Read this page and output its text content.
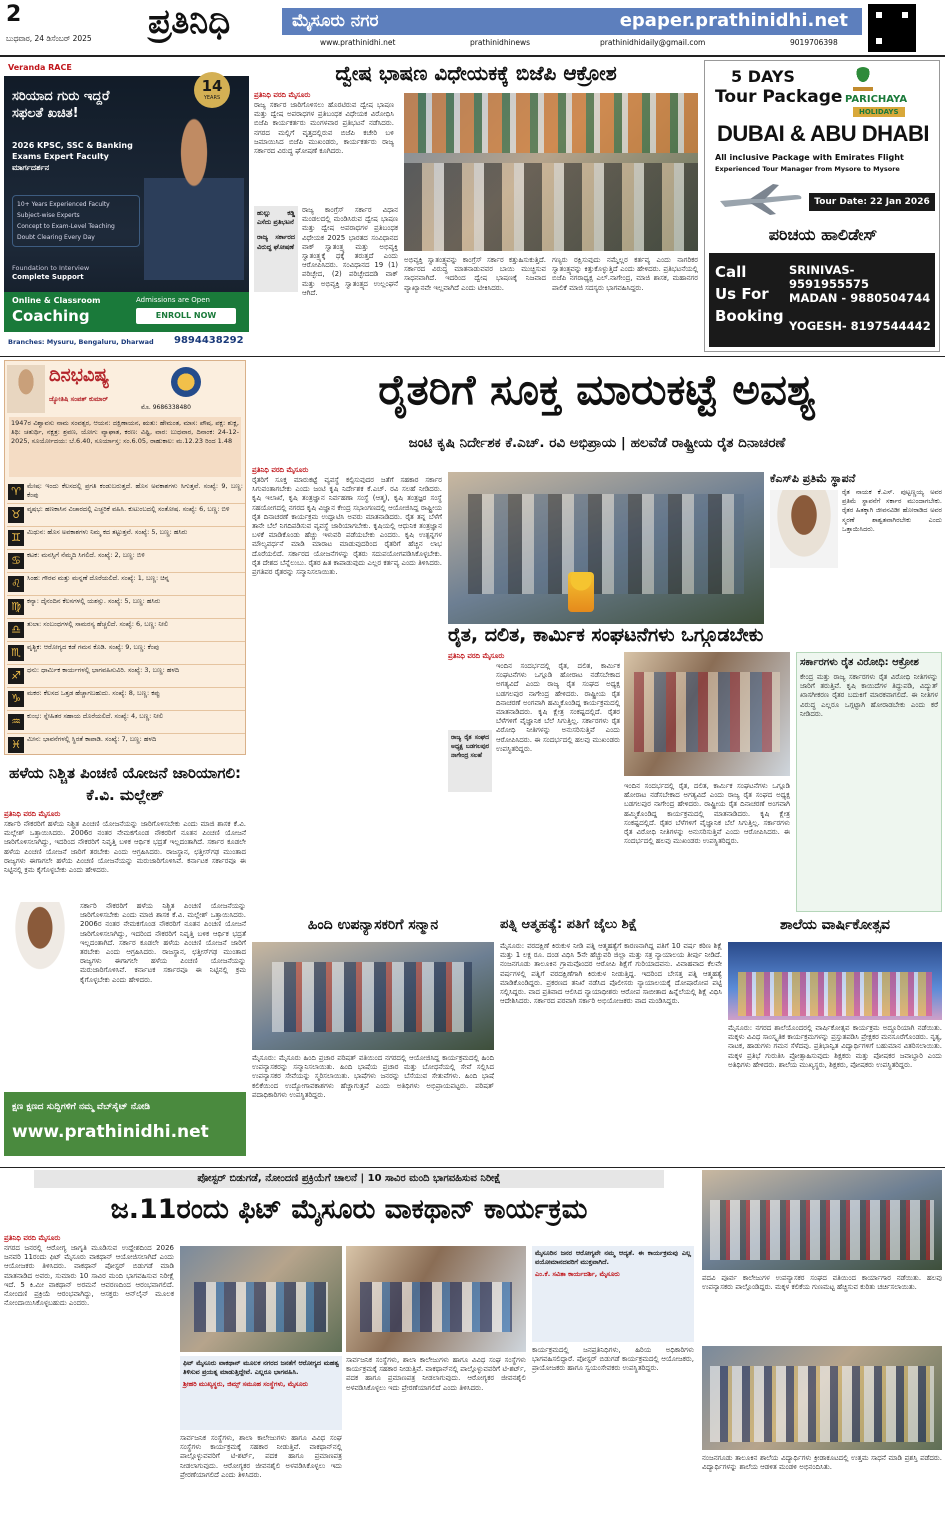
2
ಬುಧವಾರ, 24 ಡಿಸೆಂಬರ್ 2025 ಪ್ರತಿನಿಧಿ	ಮೈಸೂರು ನಗರ	epaper.prathinidhi.net
www.prathinidhi.net	prathinidhinews	prathinidhidaily@gmail.com	9019706398
Veranda RACE
14
YEARS
ಸರಿಯಾದ ಗುರು ಇದ್ದರೆ ಸಫಲತೆ ಖಚಿತ!
2026 KPSC, SSC & Banking Exams Expert Faculty ಮಾರ್ಗದರ್ಶನ
10+ Years Experienced Faculty
Subject-wise Experts
Concept to Exam-Level Teaching
Doubt Clearing Every Day
Foundation to Interview
Complete Support
Online & Classroom
Coaching
Admissions are Open
ENROLL NOW
Branches: Mysuru, Bengaluru, Dharwad 9894438292
ದ್ವೇಷ ಭಾಷಣ ವಿಧೇಯಕಕ್ಕೆ ಬಿಜೆಪಿ ಆಕ್ರೋಶ
ಪ್ರತಿನಿಧಿ ವರದಿ ಮೈಸೂರು
ರಾಜ್ಯ ಸರ್ಕಾರ ಜಾರಿಗೊಳಿಸಲು ಹೊರಟಿರುವ ದ್ವೇಷ ಭಾಷಣ ಮತ್ತು ದ್ವೇಷ ಅಪರಾಧಗಳ ಪ್ರತಿಬಂಧಕ ವಿಧೇಯಕ ವಿರೋಧಿಸಿ ಬಿಜೆಪಿ ಕಾರ್ಯಕರ್ತರು ಮಂಗಳವಾರ ಪ್ರತಿಭಟನೆ ನಡೆಸಿದರು. ನಗರದ ಮಲ್ಲಿಗೆ ವೃತ್ತದಲ್ಲಿರುವ ಬಿಜೆಪಿ ಕಚೇರಿ ಬಳಿ ಜಮಾಯಿಸಿದ ಬಿಜೆಪಿ ಮುಖಂಡರು, ಕಾರ್ಯಕರ್ತರು ರಾಜ್ಯ ಸರ್ಕಾರದ ವಿರುದ್ಧ ಘೋಷಣೆ ಕೂಗಿದರು.
ಹುಲ್ಲು ಕಡ್ಡಿ ಎಸೆದು ಪ್ರತಿಭಟನೆ
ರಾಜ್ಯ ಸರ್ಕಾರದ ವಿರುದ್ಧ ಘೋಷಣೆ
ರಾಜ್ಯ ಕಾಂಗ್ರೆಸ್ ಸರ್ಕಾರ ವಿಧಾನ ಮಂಡಲದಲ್ಲಿ ಮಂಡಿಸಿರುವ ದ್ವೇಷ ಭಾಷಣ ಮತ್ತು ದ್ವೇಷ ಅಪರಾಧಗಳ ಪ್ರತಿಬಂಧಕ ವಿಧೇಯಕ 2025 ಭಾರತದ ಸಂವಿಧಾನದ ವಾಕ್ ಸ್ವಾತಂತ್ರ್ಯ ಮತ್ತು ಅಭಿವ್ಯಕ್ತಿ ಸ್ವಾತಂತ್ರ್ಯಕ್ಕೆ ಧಕ್ಕೆ ತರುತ್ತದೆ ಎಂದು ಆರೋಪಿಸಿದರು. ಸಂವಿಧಾನದ 19 (1) ಪರಿಚ್ಛೇದ, (2) ಪರಿಚ್ಛೇದದಡಿ ವಾಕ್ ಮತ್ತು ಅಭಿವ್ಯಕ್ತಿ ಸ್ವಾತಂತ್ರ್ಯದ ಉಲ್ಲಂಘನೆ ಆಗಿದೆ.
ಅಭಿವ್ಯಕ್ತಿ ಸ್ವಾತಂತ್ರ್ಯವನ್ನು ಕಾಂಗ್ರೆಸ್ ಸರ್ಕಾರ ಕತ್ತುಹಿಸುಕುತ್ತಿದೆ. ಸರ್ಕಾರದ ವಿರುದ್ಧ ಮಾತನಾಡುವವರ ಬಾಯಿ ಮುಚ್ಚಿಸುವ ಸಾಧನವಾಗಿದೆ. ಇದರಿಂದ ದ್ವೇಷ ಭಾಷಣಕ್ಕೆ ನಿಜವಾದ ವ್ಯಾಖ್ಯಾನವೇ ಇಲ್ಲವಾಗಿದೆ ಎಂದು ಟೀಕಿಸಿದರು.
ಗಣ್ಯರು ರಕ್ಷಿಸುವುದು ನಮ್ಮೆಲ್ಲರ ಕರ್ತವ್ಯ ಎಂದು ನಾಗರಿಕರ ಸ್ವಾತಂತ್ರ್ಯವನ್ನು ಕಿತ್ತುಕೊಳ್ಳುತ್ತಿದೆ ಎಂದು ಹೇಳಿದರು. ಪ್ರತಿಭಟನೆಯಲ್ಲಿ ಬಿಜೆಪಿ ನಗರಾಧ್ಯಕ್ಷ ಎಲ್.ನಾಗೇಂದ್ರ, ಮಾಜಿ ಶಾಸಕ, ಮಹಾನಗರ ಪಾಲಿಕೆ ಮಾಜಿ ಸದಸ್ಯರು ಭಾಗವಹಿಸಿದ್ದರು.
5 DAYS
Tour Package PARICHAYA
HOLIDAYS
DUBAI & ABU DHABI
All inclusive Package with Emirates Flight
Experienced Tour Manager from Mysore to Mysore
Tour Date: 22 Jan 2026
ಪರಿಚಯ ಹಾಲಿಡೇಸ್
Call Us For Booking
SRINIVAS- 9591955575
MADAN - 9880504744
YOGESH- 8197544442
ದಿನಭವಿಷ್ಯ
ಜ್ಯೋತಿಷಿ ಸಂಪತ್ ಕುಮಾರ್
ಮೊ. 9686338480
1947ರ ವಿಶ್ವಾವಸು ನಾಮ ಸಂವತ್ಸರ, ಆಯನ: ದಕ್ಷಿಣಾಯನ, ಋತು: ಹೇಮಂತ, ಮಾಸ: ಪೌಷ, ಪಕ್ಷ: ಶುಕ್ಲ, ತಿಥಿ: ಚತುರ್ಥಿ, ನಕ್ಷತ್ರ: ಶ್ರವಣ, ಯೋಗ: ವ್ಯಾಘಾತ, ಕರಣ: ವಿಷ್ಟಿ, ವಾರ: ಬುಧವಾರ, ದಿನಾಂಕ: 24-12-2025, ಸೂರ್ಯೋದಯ: ಬೆ.6.40, ಸೂರ್ಯಾಸ್ತ: ಸಂ.6.05, ರಾಹುಕಾಲ: ಮ.12.23 ರಿಂದ 1.48
♈ ಮೇಷ: ಇಂದು ಕೆಲಸದಲ್ಲಿ ಪ್ರಗತಿ ಕಂಡುಬರುತ್ತದೆ. ಹೊಸ ಅವಕಾಶಗಳು ಸಿಗುತ್ತವೆ. ಸಂಖ್ಯೆ: 9, ಬಣ್ಣ: ಕೆಂಪು
♉ ವೃಷಭ: ಹಣಕಾಸಿನ ವಿಚಾರದಲ್ಲಿ ಎಚ್ಚರಿಕೆ ವಹಿಸಿ. ಕುಟುಂಬದಲ್ಲಿ ಸಂತೋಷ. ಸಂಖ್ಯೆ: 6, ಬಣ್ಣ: ಬಿಳಿ
♊ ಮಿಥುನ: ಹೊಸ ಅವಕಾಶಗಳು ನಿಮ್ಮ ಕದ ತಟ್ಟುತ್ತವೆ. ಸಂಖ್ಯೆ: 5, ಬಣ್ಣ: ಹಸಿರು
♋ ಕಟಕ: ಮನಸ್ಸಿಗೆ ನೆಮ್ಮದಿ ಸಿಗಲಿದೆ. ಸಂಖ್ಯೆ: 2, ಬಣ್ಣ: ಬಿಳಿ
♌ ಸಿಂಹ: ಗೌರವ ಮತ್ತು ಮನ್ನಣೆ ದೊರೆಯಲಿದೆ. ಸಂಖ್ಯೆ: 1, ಬಣ್ಣ: ಚಿನ್ನ
♍ ಕನ್ಯಾ: ದೈನಂದಿನ ಕೆಲಸಗಳಲ್ಲಿ ಯಶಸ್ಸು. ಸಂಖ್ಯೆ: 5, ಬಣ್ಣ: ಹಸಿರು
♎ ತುಲಾ: ಸಂಬಂಧಗಳಲ್ಲಿ ಸಾಮರಸ್ಯ ಹೆಚ್ಚಲಿದೆ. ಸಂಖ್ಯೆ: 6, ಬಣ್ಣ: ನೀಲಿ
♏ ವೃಶ್ಚಿಕ: ಆರೋಗ್ಯದ ಕಡೆ ಗಮನ ಕೊಡಿ. ಸಂಖ್ಯೆ: 9, ಬಣ್ಣ: ಕೆಂಪು
♐ ಧನು: ಧಾರ್ಮಿಕ ಕಾರ್ಯಗಳಲ್ಲಿ ಭಾಗವಹಿಸುವಿರಿ. ಸಂಖ್ಯೆ: 3, ಬಣ್ಣ: ಹಳದಿ
♑ ಮಕರ: ಕೆಲಸದ ಒತ್ತಡ ಹೆಚ್ಚಾಗಬಹುದು. ಸಂಖ್ಯೆ: 8, ಬಣ್ಣ: ಕಪ್ಪು
♒ ಕುಂಭ: ಸ್ನೇಹಿತರ ಸಹಾಯ ದೊರೆಯಲಿದೆ. ಸಂಖ್ಯೆ: 4, ಬಣ್ಣ: ನೀಲಿ
♓ ಮೀನ: ಭಾವನೆಗಳಲ್ಲಿ ಸ್ಥಿರತೆ ಕಾಪಾಡಿ. ಸಂಖ್ಯೆ: 7, ಬಣ್ಣ: ಹಳದಿ
ರೈತರಿಗೆ ಸೂಕ್ತ ಮಾರುಕಟ್ಟೆ ಅವಶ್ಯ
ಜಂಟಿ ಕೃಷಿ ನಿರ್ದೇಶಕ ಕೆ.ಎಚ್. ರವಿ ಅಭಿಪ್ರಾಯ | ಹಲವೆಡೆ ರಾಷ್ಟ್ರೀಯ ರೈತ ದಿನಾಚರಣೆ
ಪ್ರತಿನಿಧಿ ವರದಿ ಮೈಸೂರು
ರೈತರಿಗೆ ಸೂಕ್ತ ಮಾರುಕಟ್ಟೆ ವ್ಯವಸ್ಥೆ ಕಲ್ಪಿಸುವುದರ ಜತೆಗೆ ಸಹಕಾರ ಸರ್ಕಾರ ಸಿಗುವಂತಾಗಬೇಕು ಎಂದು ಜಂಟಿ ಕೃಷಿ ನಿರ್ದೇಶಕ ಕೆ.ಎಚ್. ರವಿ ಸಲಹೆ ನೀಡಿದರು. ಕೃಷಿ ಇಲಾಖೆ, ಕೃಷಿ ತಂತ್ರಜ್ಞಾನ ನಿರ್ವಹಣಾ ಸಂಸ್ಥೆ (ಆತ್ಮ), ಕೃಷಿ ತಂತ್ರಜ್ಞರ ಸಂಸ್ಥೆ ಸಹಯೋಗದಲ್ಲಿ ನಗರದ ಕೃಷಿ ವಿಜ್ಞಾನ ಕೇಂದ್ರ ಸಭಾಂಗಣದಲ್ಲಿ ಆಯೋಜಿಸಿದ್ದ ರಾಷ್ಟ್ರೀಯ ರೈತ ದಿನಾಚರಣೆ ಕಾರ್ಯಕ್ರಮ ಉದ್ಘಾಟಿಸಿ ಅವರು ಮಾತನಾಡಿದರು. ರೈತ ತನ್ನ ಬೆಳೆಗೆ ತಾನೇ ಬೆಲೆ ನಿಗದಿಪಡಿಸುವ ವ್ಯವಸ್ಥೆ ಜಾರಿಯಾಗಬೇಕು. ಕೃಷಿಯಲ್ಲಿ ಆಧುನಿಕ ತಂತ್ರಜ್ಞಾನ ಬಳಕೆ ಮಾಡಿಕೊಂಡು ಹೆಚ್ಚು ಇಳುವರಿ ಪಡೆಯಬೇಕು ಎಂದರು. ಕೃಷಿ ಉತ್ಪನ್ನಗಳ ಮೌಲ್ಯವರ್ಧನೆ ಮಾಡಿ ಮಾರಾಟ ಮಾಡುವುದರಿಂದ ರೈತರಿಗೆ ಹೆಚ್ಚಿನ ಲಾಭ ದೊರೆಯಲಿದೆ. ಸರ್ಕಾರದ ಯೋಜನೆಗಳನ್ನು ರೈತರು ಸದುಪಯೋಗಪಡಿಸಿಕೊಳ್ಳಬೇಕು. ರೈತ ದೇಶದ ಬೆನ್ನೆಲುಬು. ರೈತರ ಹಿತ ಕಾಪಾಡುವುದು ಎಲ್ಲರ ಕರ್ತವ್ಯ ಎಂದು ತಿಳಿಸಿದರು. ಪ್ರಗತಿಪರ ರೈತರನ್ನು ಸನ್ಮಾನಿಸಲಾಯಿತು.
ಕೆಎಸ್‌ಪಿ ಪ್ರತಿಮೆ ಸ್ಥಾಪನೆ
ರೈತ ನಾಯಕ ಕೆ.ಎಸ್. ಪುಟ್ಟಣ್ಣಯ್ಯ ಅವರ ಪ್ರತಿಮೆ ಸ್ಥಾಪನೆಗೆ ಸರ್ಕಾರ ಮುಂದಾಗಬೇಕು. ರೈತರ ಹಿತಕ್ಕಾಗಿ ಜೀವನವಿಡೀ ಹೋರಾಡಿದ ಅವರ ಸ್ಮರಣೆ ಶಾಶ್ವತವಾಗಿರಬೇಕು ಎಂದು ಒತ್ತಾಯಿಸಿದರು.
ರೈತ, ದಲಿತ, ಕಾರ್ಮಿಕ ಸಂಘಟನೆಗಳು ಒಗ್ಗೂಡಬೇಕು
ಪ್ರತಿನಿಧಿ ವರದಿ ಮೈಸೂರು
ರಾಜ್ಯ ರೈತ ಸಂಘದ ಅಧ್ಯಕ್ಷ ಬಡಗಲಪುರ ನಾಗೇಂದ್ರ ಸಲಹೆ
ಇಂದಿನ ಸಂದರ್ಭದಲ್ಲಿ ರೈತ, ದಲಿತ, ಕಾರ್ಮಿಕ ಸಂಘಟನೆಗಳು ಒಗ್ಗೂಡಿ ಹೋರಾಟ ನಡೆಸಬೇಕಾದ ಅಗತ್ಯವಿದೆ ಎಂದು ರಾಜ್ಯ ರೈತ ಸಂಘದ ಅಧ್ಯಕ್ಷ ಬಡಗಲಪುರ ನಾಗೇಂದ್ರ ಹೇಳಿದರು. ರಾಷ್ಟ್ರೀಯ ರೈತ ದಿನಾಚರಣೆ ಅಂಗವಾಗಿ ಹಮ್ಮಿಕೊಂಡಿದ್ದ ಕಾರ್ಯಕ್ರಮದಲ್ಲಿ ಮಾತನಾಡಿದರು. ಕೃಷಿ ಕ್ಷೇತ್ರ ಸಂಕಷ್ಟದಲ್ಲಿದೆ. ರೈತರ ಬೆಳೆಗಳಿಗೆ ವೈಜ್ಞಾನಿಕ ಬೆಲೆ ಸಿಗುತ್ತಿಲ್ಲ. ಸರ್ಕಾರಗಳು ರೈತ ವಿರೋಧಿ ನೀತಿಗಳನ್ನು ಅನುಸರಿಸುತ್ತಿವೆ ಎಂದು ಆರೋಪಿಸಿದರು. ಈ ಸಂದರ್ಭದಲ್ಲಿ ಹಲವು ಮುಖಂಡರು ಉಪಸ್ಥಿತರಿದ್ದರು.
ಇಂದಿನ ಸಂದರ್ಭದಲ್ಲಿ ರೈತ, ದಲಿತ, ಕಾರ್ಮಿಕ ಸಂಘಟನೆಗಳು ಒಗ್ಗೂಡಿ ಹೋರಾಟ ನಡೆಸಬೇಕಾದ ಅಗತ್ಯವಿದೆ ಎಂದು ರಾಜ್ಯ ರೈತ ಸಂಘದ ಅಧ್ಯಕ್ಷ ಬಡಗಲಪುರ ನಾಗೇಂದ್ರ ಹೇಳಿದರು. ರಾಷ್ಟ್ರೀಯ ರೈತ ದಿನಾಚರಣೆ ಅಂಗವಾಗಿ ಹಮ್ಮಿಕೊಂಡಿದ್ದ ಕಾರ್ಯಕ್ರಮದಲ್ಲಿ ಮಾತನಾಡಿದರು. ಕೃಷಿ ಕ್ಷೇತ್ರ ಸಂಕಷ್ಟದಲ್ಲಿದೆ. ರೈತರ ಬೆಳೆಗಳಿಗೆ ವೈಜ್ಞಾನಿಕ ಬೆಲೆ ಸಿಗುತ್ತಿಲ್ಲ. ಸರ್ಕಾರಗಳು ರೈತ ವಿರೋಧಿ ನೀತಿಗಳನ್ನು ಅನುಸರಿಸುತ್ತಿವೆ ಎಂದು ಆರೋಪಿಸಿದರು. ಈ ಸಂದರ್ಭದಲ್ಲಿ ಹಲವು ಮುಖಂಡರು ಉಪಸ್ಥಿತರಿದ್ದರು.
ಸರ್ಕಾರಗಳು ರೈತ ವಿರೋಧಿ: ಆಕ್ರೋಶ
ಕೇಂದ್ರ ಮತ್ತು ರಾಜ್ಯ ಸರ್ಕಾರಗಳು ರೈತ ವಿರೋಧಿ ನೀತಿಗಳನ್ನು ಜಾರಿಗೆ ತರುತ್ತಿವೆ. ಕೃಷಿ ಕಾಯಿದೆಗಳ ತಿದ್ದುಪಡಿ, ವಿದ್ಯುತ್ ಖಾಸಗೀಕರಣ ರೈತರ ಬದುಕಿಗೆ ಮಾರಕವಾಗಲಿದೆ. ಈ ನೀತಿಗಳ ವಿರುದ್ಧ ಎಲ್ಲರೂ ಒಗ್ಗಟ್ಟಾಗಿ ಹೋರಾಡಬೇಕು ಎಂದು ಕರೆ ನೀಡಿದರು.
ಹಳೆಯ ನಿಶ್ಚಿತ ಪಿಂಚಣಿ ಯೋಜನೆ ಜಾರಿಯಾಗಲಿ: ಕೆ.ವಿ. ಮಲ್ಲೇಶ್
ಪ್ರತಿನಿಧಿ ವರದಿ ಮೈಸೂರು
ಸರ್ಕಾರಿ ನೌಕರರಿಗೆ ಹಳೆಯ ನಿಶ್ಚಿತ ಪಿಂಚಣಿ ಯೋಜನೆಯನ್ನು ಜಾರಿಗೊಳಿಸಬೇಕು ಎಂದು ಮಾಜಿ ಶಾಸಕ ಕೆ.ವಿ. ಮಲ್ಲೇಶ್ ಒತ್ತಾಯಿಸಿದರು. 2006ರ ನಂತರ ನೇಮಕಗೊಂಡ ನೌಕರರಿಗೆ ನೂತನ ಪಿಂಚಣಿ ಯೋಜನೆ ಜಾರಿಗೊಳಿಸಲಾಗಿದ್ದು, ಇದರಿಂದ ನೌಕರರಿಗೆ ನಿವೃತ್ತಿ ಬಳಿಕ ಆರ್ಥಿಕ ಭದ್ರತೆ ಇಲ್ಲದಂತಾಗಿದೆ. ಸರ್ಕಾರ ಕೂಡಲೇ ಹಳೆಯ ಪಿಂಚಣಿ ಯೋಜನೆ ಜಾರಿಗೆ ತರಬೇಕು ಎಂದು ಆಗ್ರಹಿಸಿದರು. ರಾಜಸ್ಥಾನ, ಛತ್ತೀಸ್‌ಗಢ ಮುಂತಾದ ರಾಜ್ಯಗಳು ಈಗಾಗಲೇ ಹಳೆಯ ಪಿಂಚಣಿ ಯೋಜನೆಯನ್ನು ಮರುಜಾರಿಗೊಳಿಸಿವೆ. ಕರ್ನಾಟಕ ಸರ್ಕಾರವೂ ಈ ನಿಟ್ಟಿನಲ್ಲಿ ಕ್ರಮ ಕೈಗೊಳ್ಳಬೇಕು ಎಂದು ಹೇಳಿದರು.
ಸರ್ಕಾರಿ ನೌಕರರಿಗೆ ಹಳೆಯ ನಿಶ್ಚಿತ ಪಿಂಚಣಿ ಯೋಜನೆಯನ್ನು ಜಾರಿಗೊಳಿಸಬೇಕು ಎಂದು ಮಾಜಿ ಶಾಸಕ ಕೆ.ವಿ. ಮಲ್ಲೇಶ್ ಒತ್ತಾಯಿಸಿದರು. 2006ರ ನಂತರ ನೇಮಕಗೊಂಡ ನೌಕರರಿಗೆ ನೂತನ ಪಿಂಚಣಿ ಯೋಜನೆ ಜಾರಿಗೊಳಿಸಲಾಗಿದ್ದು, ಇದರಿಂದ ನೌಕರರಿಗೆ ನಿವೃತ್ತಿ ಬಳಿಕ ಆರ್ಥಿಕ ಭದ್ರತೆ ಇಲ್ಲದಂತಾಗಿದೆ. ಸರ್ಕಾರ ಕೂಡಲೇ ಹಳೆಯ ಪಿಂಚಣಿ ಯೋಜನೆ ಜಾರಿಗೆ ತರಬೇಕು ಎಂದು ಆಗ್ರಹಿಸಿದರು. ರಾಜಸ್ಥಾನ, ಛತ್ತೀಸ್‌ಗಢ ಮುಂತಾದ ರಾಜ್ಯಗಳು ಈಗಾಗಲೇ ಹಳೆಯ ಪಿಂಚಣಿ ಯೋಜನೆಯನ್ನು ಮರುಜಾರಿಗೊಳಿಸಿವೆ. ಕರ್ನಾಟಕ ಸರ್ಕಾರವೂ ಈ ನಿಟ್ಟಿನಲ್ಲಿ ಕ್ರಮ ಕೈಗೊಳ್ಳಬೇಕು ಎಂದು ಹೇಳಿದರು.
ಕ್ಷಣ ಕ್ಷಣದ ಸುದ್ದಿಗಳಿಗೆ ನಮ್ಮ ವೆಬ್‌ಸೈಟ್ ನೋಡಿ
www.prathinidhi.net
ಹಿಂದಿ ಉಪನ್ಯಾಸಕರಿಗೆ ಸನ್ಮಾನ
ಮೈಸೂರು: ಮೈಸೂರು ಹಿಂದಿ ಪ್ರಚಾರ ಪರಿಷತ್ ವತಿಯಿಂದ ನಗರದಲ್ಲಿ ಆಯೋಜಿಸಿದ್ದ ಕಾರ್ಯಕ್ರಮದಲ್ಲಿ ಹಿಂದಿ ಉಪನ್ಯಾಸಕರನ್ನು ಸನ್ಮಾನಿಸಲಾಯಿತು. ಹಿಂದಿ ಭಾಷೆಯ ಪ್ರಚಾರ ಮತ್ತು ಬೋಧನೆಯಲ್ಲಿ ಸೇವೆ ಸಲ್ಲಿಸಿದ ಉಪನ್ಯಾಸಕರ ಸೇವೆಯನ್ನು ಸ್ಮರಿಸಲಾಯಿತು. ಭಾಷೆಗಳು ಜನರನ್ನು ಬೆಸೆಯುವ ಸೇತುವೆಗಳು. ಹಿಂದಿ ಭಾಷೆ ಕಲಿಕೆಯಿಂದ ಉದ್ಯೋಗಾವಕಾಶಗಳು ಹೆಚ್ಚಾಗುತ್ತವೆ ಎಂದು ಅತಿಥಿಗಳು ಅಭಿಪ್ರಾಯಪಟ್ಟರು. ಪರಿಷತ್ ಪದಾಧಿಕಾರಿಗಳು ಉಪಸ್ಥಿತರಿದ್ದರು.
ಪತ್ನಿ ಆತ್ಮಹತ್ಯೆ: ಪತಿಗೆ ಜೈಲು ಶಿಕ್ಷೆ
ಮೈಸೂರು: ವರದಕ್ಷಿಣೆ ಕಿರುಕುಳ ನೀಡಿ ಪತ್ನಿ ಆತ್ಮಹತ್ಯೆಗೆ ಕಾರಣನಾಗಿದ್ದ ಪತಿಗೆ 10 ವರ್ಷ ಕಠಿಣ ಶಿಕ್ಷೆ ಮತ್ತು 1 ಲಕ್ಷ ರೂ. ದಂಡ ವಿಧಿಸಿ 5ನೇ ಹೆಚ್ಚುವರಿ ಜಿಲ್ಲಾ ಮತ್ತು ಸತ್ರ ನ್ಯಾಯಾಲಯ ತೀರ್ಪು ನೀಡಿದೆ. ನಂಜನಗೂಡು ತಾಲೂಕಿನ ಗ್ರಾಮವೊಂದರ ಆರೋಪಿ ಶಿಕ್ಷೆಗೆ ಗುರಿಯಾದವನು. ವಿವಾಹವಾದ ಕೆಲವೇ ವರ್ಷಗಳಲ್ಲಿ ಪತ್ನಿಗೆ ವರದಕ್ಷಿಣೆಗಾಗಿ ಕಿರುಕುಳ ನೀಡುತ್ತಿದ್ದ. ಇದರಿಂದ ಬೇಸತ್ತ ಪತ್ನಿ ಆತ್ಮಹತ್ಯೆ ಮಾಡಿಕೊಂಡಿದ್ದರು. ಪ್ರಕರಣದ ತನಿಖೆ ನಡೆಸಿದ ಪೊಲೀಸರು ನ್ಯಾಯಾಲಯಕ್ಕೆ ದೋಷಾರೋಪ ಪಟ್ಟಿ ಸಲ್ಲಿಸಿದ್ದರು. ವಾದ ಪ್ರತಿವಾದ ಆಲಿಸಿದ ನ್ಯಾಯಾಧೀಶರು ಆರೋಪ ಸಾಬೀತಾದ ಹಿನ್ನೆಲೆಯಲ್ಲಿ ಶಿಕ್ಷೆ ವಿಧಿಸಿ ಆದೇಶಿಸಿದರು. ಸರ್ಕಾರದ ಪರವಾಗಿ ಸರ್ಕಾರಿ ಅಭಿಯೋಜಕರು ವಾದ ಮಂಡಿಸಿದ್ದರು.
ಶಾಲೆಯ ವಾರ್ಷಿಕೋತ್ಸವ
ಮೈಸೂರು: ನಗರದ ಶಾಲೆಯೊಂದರಲ್ಲಿ ವಾರ್ಷಿಕೋತ್ಸವ ಕಾರ್ಯಕ್ರಮ ಅದ್ದೂರಿಯಾಗಿ ನಡೆಯಿತು. ಮಕ್ಕಳು ವಿವಿಧ ಸಾಂಸ್ಕೃತಿಕ ಕಾರ್ಯಕ್ರಮಗಳನ್ನು ಪ್ರಸ್ತುತಪಡಿಸಿ ಪ್ರೇಕ್ಷಕರ ಮನಸೂರೆಗೊಂಡರು. ನೃತ್ಯ, ನಾಟಕ, ಹಾಡುಗಳು ಗಮನ ಸೆಳೆದವು. ಪ್ರತಿಭಾನ್ವಿತ ವಿದ್ಯಾರ್ಥಿಗಳಿಗೆ ಬಹುಮಾನ ವಿತರಿಸಲಾಯಿತು. ಮಕ್ಕಳ ಪ್ರತಿಭೆ ಗುರುತಿಸಿ ಪ್ರೋತ್ಸಾಹಿಸುವುದು ಶಿಕ್ಷಕರು ಮತ್ತು ಪೋಷಕರ ಜವಾಬ್ದಾರಿ ಎಂದು ಅತಿಥಿಗಳು ಹೇಳಿದರು. ಶಾಲೆಯ ಮುಖ್ಯಸ್ಥರು, ಶಿಕ್ಷಕರು, ಪೋಷಕರು ಉಪಸ್ಥಿತರಿದ್ದರು.
ಪೋಸ್ಟರ್ ಬಿಡುಗಡೆ, ನೋಂದಣಿ ಪ್ರಕ್ರಿಯೆಗೆ ಚಾಲನೆ | 10 ಸಾವಿರ ಮಂದಿ ಭಾಗವಹಿಸುವ ನಿರೀಕ್ಷೆ
ಜ.11ರಂದು ಫಿಟ್ ಮೈಸೂರು ವಾಕಥಾನ್ ಕಾರ್ಯಕ್ರಮ
ಪ್ರತಿನಿಧಿ ವರದಿ ಮೈಸೂರು
ನಗರದ ಜನರಲ್ಲಿ ಆರೋಗ್ಯ ಜಾಗೃತಿ ಮೂಡಿಸುವ ಉದ್ದೇಶದಿಂದ 2026 ಜನವರಿ 11ರಂದು ಫಿಟ್ ಮೈಸೂರು ವಾಕಥಾನ್ ಆಯೋಜಿಸಲಾಗಿದೆ ಎಂದು ಆಯೋಜಕರು ತಿಳಿಸಿದರು. ವಾಕಥಾನ್ ಪೋಸ್ಟರ್ ಬಿಡುಗಡೆ ಮಾಡಿ ಮಾತನಾಡಿದ ಅವರು, ಸುಮಾರು 10 ಸಾವಿರ ಮಂದಿ ಭಾಗವಹಿಸುವ ನಿರೀಕ್ಷೆ ಇದೆ. 5 ಕಿ.ಮೀ ವಾಕಥಾನ್ ಅರಮನೆ ಆವರಣದಿಂದ ಆರಂಭವಾಗಲಿದೆ. ನೋಂದಣಿ ಪ್ರಕ್ರಿಯೆ ಆರಂಭವಾಗಿದ್ದು, ಆಸಕ್ತರು ಆನ್‌ಲೈನ್ ಮೂಲಕ ನೋಂದಾಯಿಸಿಕೊಳ್ಳಬಹುದು ಎಂದರು.
ಫಿಟ್ ಮೈಸೂರು ವಾಕಥಾನ್ ಮೂಲಕ ನಗರದ ಜನತೆಗೆ ಆರೋಗ್ಯದ ಮಹತ್ವ ತಿಳಿಸುವ ಪ್ರಯತ್ನ ಮಾಡುತ್ತಿದ್ದೇವೆ. ಎಲ್ಲರೂ ಭಾಗವಹಿಸಿ.
ಶ್ರೀಹರಿ ಮುಖ್ಯಸ್ಥರು, ಜಿಮ್ಸ್ ಸಮೂಹ ಸಂಸ್ಥೆಗಳು, ಮೈಸೂರು
ಸಾರ್ವಜನಿಕ ಸಂಸ್ಥೆಗಳು, ಶಾಲಾ ಕಾಲೇಜುಗಳು ಹಾಗೂ ವಿವಿಧ ಸಂಘ ಸಂಸ್ಥೆಗಳು ಕಾರ್ಯಕ್ರಮಕ್ಕೆ ಸಹಕಾರ ನೀಡುತ್ತಿವೆ. ವಾಕಥಾನ್‌ನಲ್ಲಿ ಪಾಲ್ಗೊಳ್ಳುವವರಿಗೆ ಟಿ-ಶರ್ಟ್, ಪದಕ ಹಾಗೂ ಪ್ರಮಾಣಪತ್ರ ನೀಡಲಾಗುವುದು. ಆರೋಗ್ಯಕರ ಜೀವನಶೈಲಿ ಅಳವಡಿಸಿಕೊಳ್ಳಲು ಇದು ಪ್ರೇರಣೆಯಾಗಲಿದೆ ಎಂದು ತಿಳಿಸಿದರು.
ಸಾರ್ವಜನಿಕ ಸಂಸ್ಥೆಗಳು, ಶಾಲಾ ಕಾಲೇಜುಗಳು ಹಾಗೂ ವಿವಿಧ ಸಂಘ ಸಂಸ್ಥೆಗಳು ಕಾರ್ಯಕ್ರಮಕ್ಕೆ ಸಹಕಾರ ನೀಡುತ್ತಿವೆ. ವಾಕಥಾನ್‌ನಲ್ಲಿ ಪಾಲ್ಗೊಳ್ಳುವವರಿಗೆ ಟಿ-ಶರ್ಟ್, ಪದಕ ಹಾಗೂ ಪ್ರಮಾಣಪತ್ರ ನೀಡಲಾಗುವುದು. ಆರೋಗ್ಯಕರ ಜೀವನಶೈಲಿ ಅಳವಡಿಸಿಕೊಳ್ಳಲು ಇದು ಪ್ರೇರಣೆಯಾಗಲಿದೆ ಎಂದು ತಿಳಿಸಿದರು.
ಮೈಸೂರಿನ ಜನರ ಆರೋಗ್ಯವೇ ನಮ್ಮ ಆದ್ಯತೆ. ಈ ಕಾರ್ಯಕ್ರಮವು ಎಲ್ಲ ವಯೋಮಾನದವರಿಗೆ ಮುಕ್ತವಾಗಿದೆ.
ಎಂ.ಕೆ. ಸವಿತಾ ಕಾರ್ಯದರ್ಶಿ, ಮೈಸೂರು
ಕಾರ್ಯಕ್ರಮದಲ್ಲಿ ಜನಪ್ರತಿನಿಧಿಗಳು, ಹಿರಿಯ ಅಧಿಕಾರಿಗಳು ಭಾಗವಹಿಸಲಿದ್ದಾರೆ. ಪೋಸ್ಟರ್ ಬಿಡುಗಡೆ ಕಾರ್ಯಕ್ರಮದಲ್ಲಿ ಆಯೋಜಕರು, ಪ್ರಾಯೋಜಕರು ಹಾಗೂ ಸ್ವಯಂಸೇವಕರು ಉಪಸ್ಥಿತರಿದ್ದರು.
ಪದವಿ ಪೂರ್ವ ಕಾಲೇಜುಗಳ ಉಪನ್ಯಾಸಕರ ಸಂಘದ ವತಿಯಿಂದ ಕಾರ್ಯಾಗಾರ ನಡೆಯಿತು. ಹಲವು ಉಪನ್ಯಾಸಕರು ಪಾಲ್ಗೊಂಡಿದ್ದರು. ಮಕ್ಕಳ ಕಲಿಕೆಯ ಗುಣಮಟ್ಟ ಹೆಚ್ಚಿಸುವ ಕುರಿತು ಚರ್ಚಿಸಲಾಯಿತು.
ನಂಜನಗೂಡು ತಾಲೂಕಿನ ಶಾಲೆಯ ವಿದ್ಯಾರ್ಥಿಗಳು ಕ್ರೀಡಾಕೂಟದಲ್ಲಿ ಉತ್ತಮ ಸಾಧನೆ ಮಾಡಿ ಪ್ರಶಸ್ತಿ ಪಡೆದರು. ವಿದ್ಯಾರ್ಥಿಗಳನ್ನು ಶಾಲೆಯ ಆಡಳಿತ ಮಂಡಳಿ ಅಭಿನಂದಿಸಿತು.
